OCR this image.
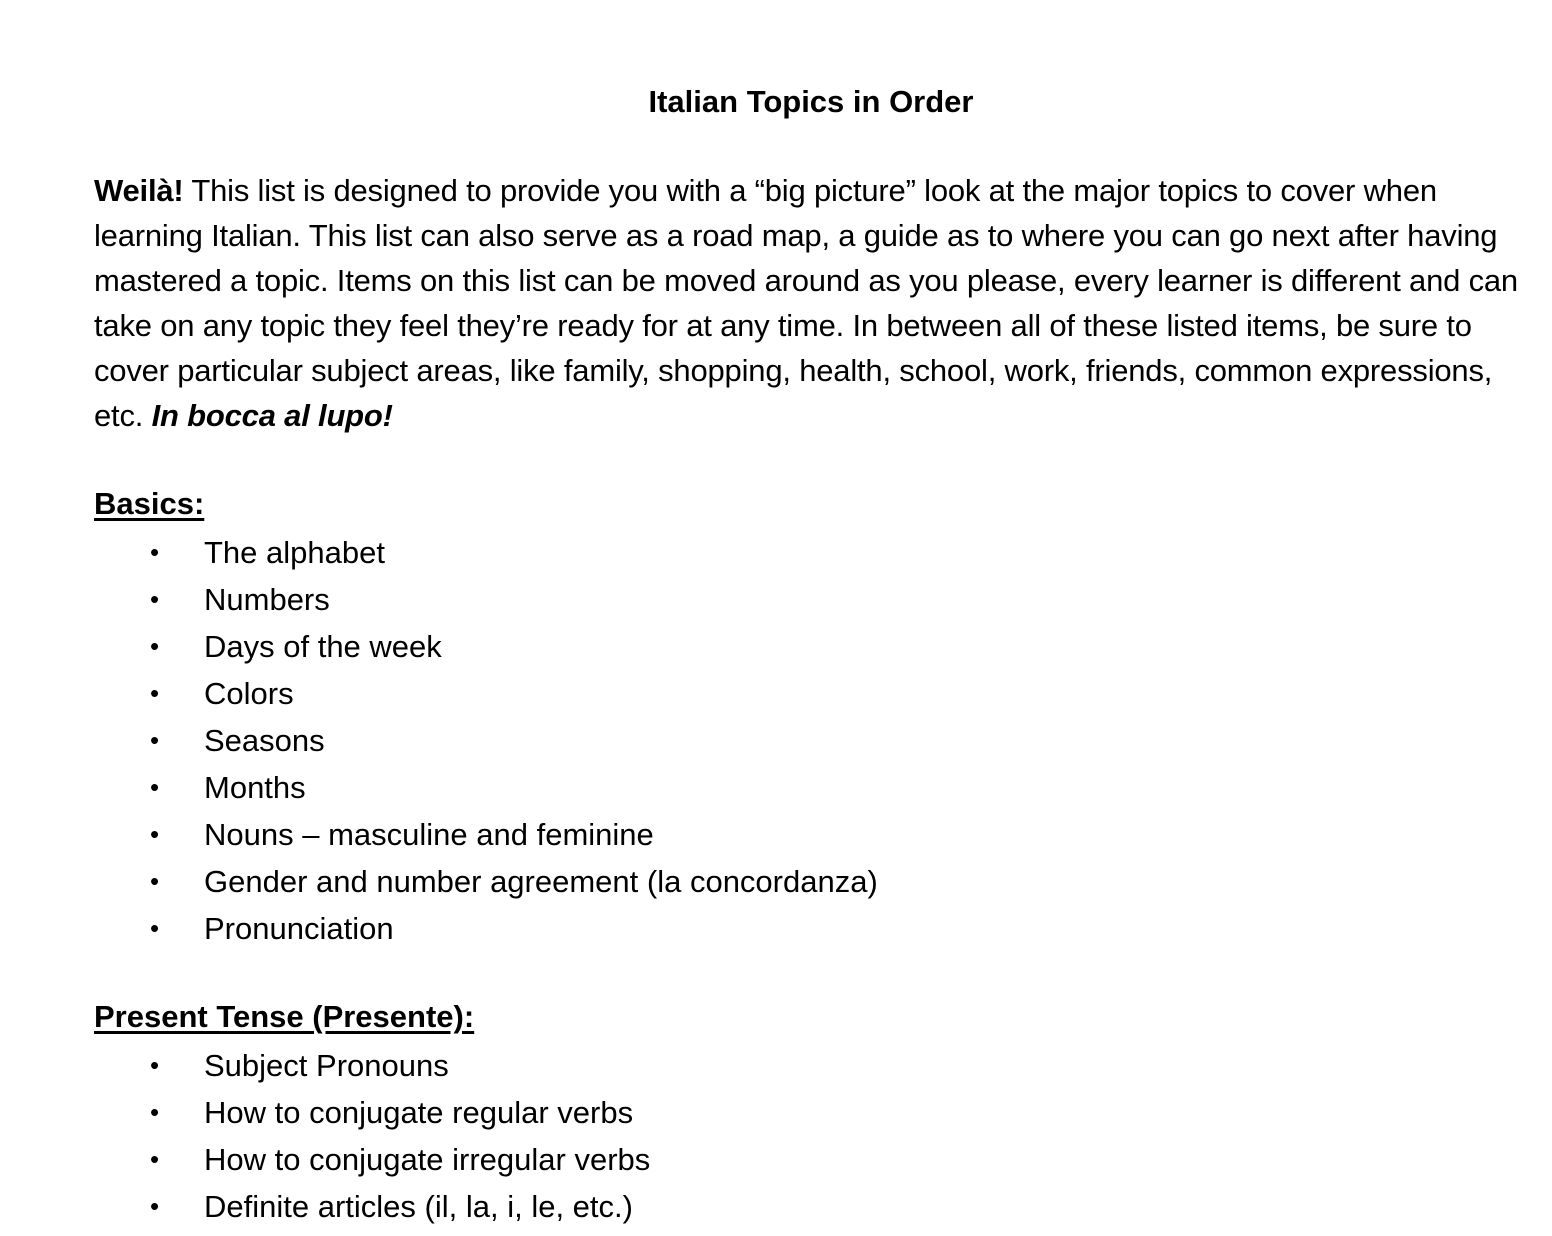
Italian Topics in Order

Weilà! This list is designed to provide you with a “big picture” look at the major topics to cover when learning Italian. This list can also serve as a road map, a guide as to where you can go next after having mastered a topic. Items on this list can be moved around as you please, every learner is different and can take on any topic they feel they’re ready for at any time. In between all of these listed items, be sure to cover particular subject areas, like family, shopping, health, school, work, friends, common expressions, etc. In bocca al lupo!

Basics:
• The alphabet
• Numbers
• Days of the week
• Colors
• Seasons
• Months
• Nouns – masculine and feminine
• Gender and number agreement (la concordanza)
• Pronunciation
Present Tense (Presente):
• Subject Pronouns
• How to conjugate regular verbs
• How to conjugate irregular verbs
• Definite articles (il, la, i, le, etc.)
